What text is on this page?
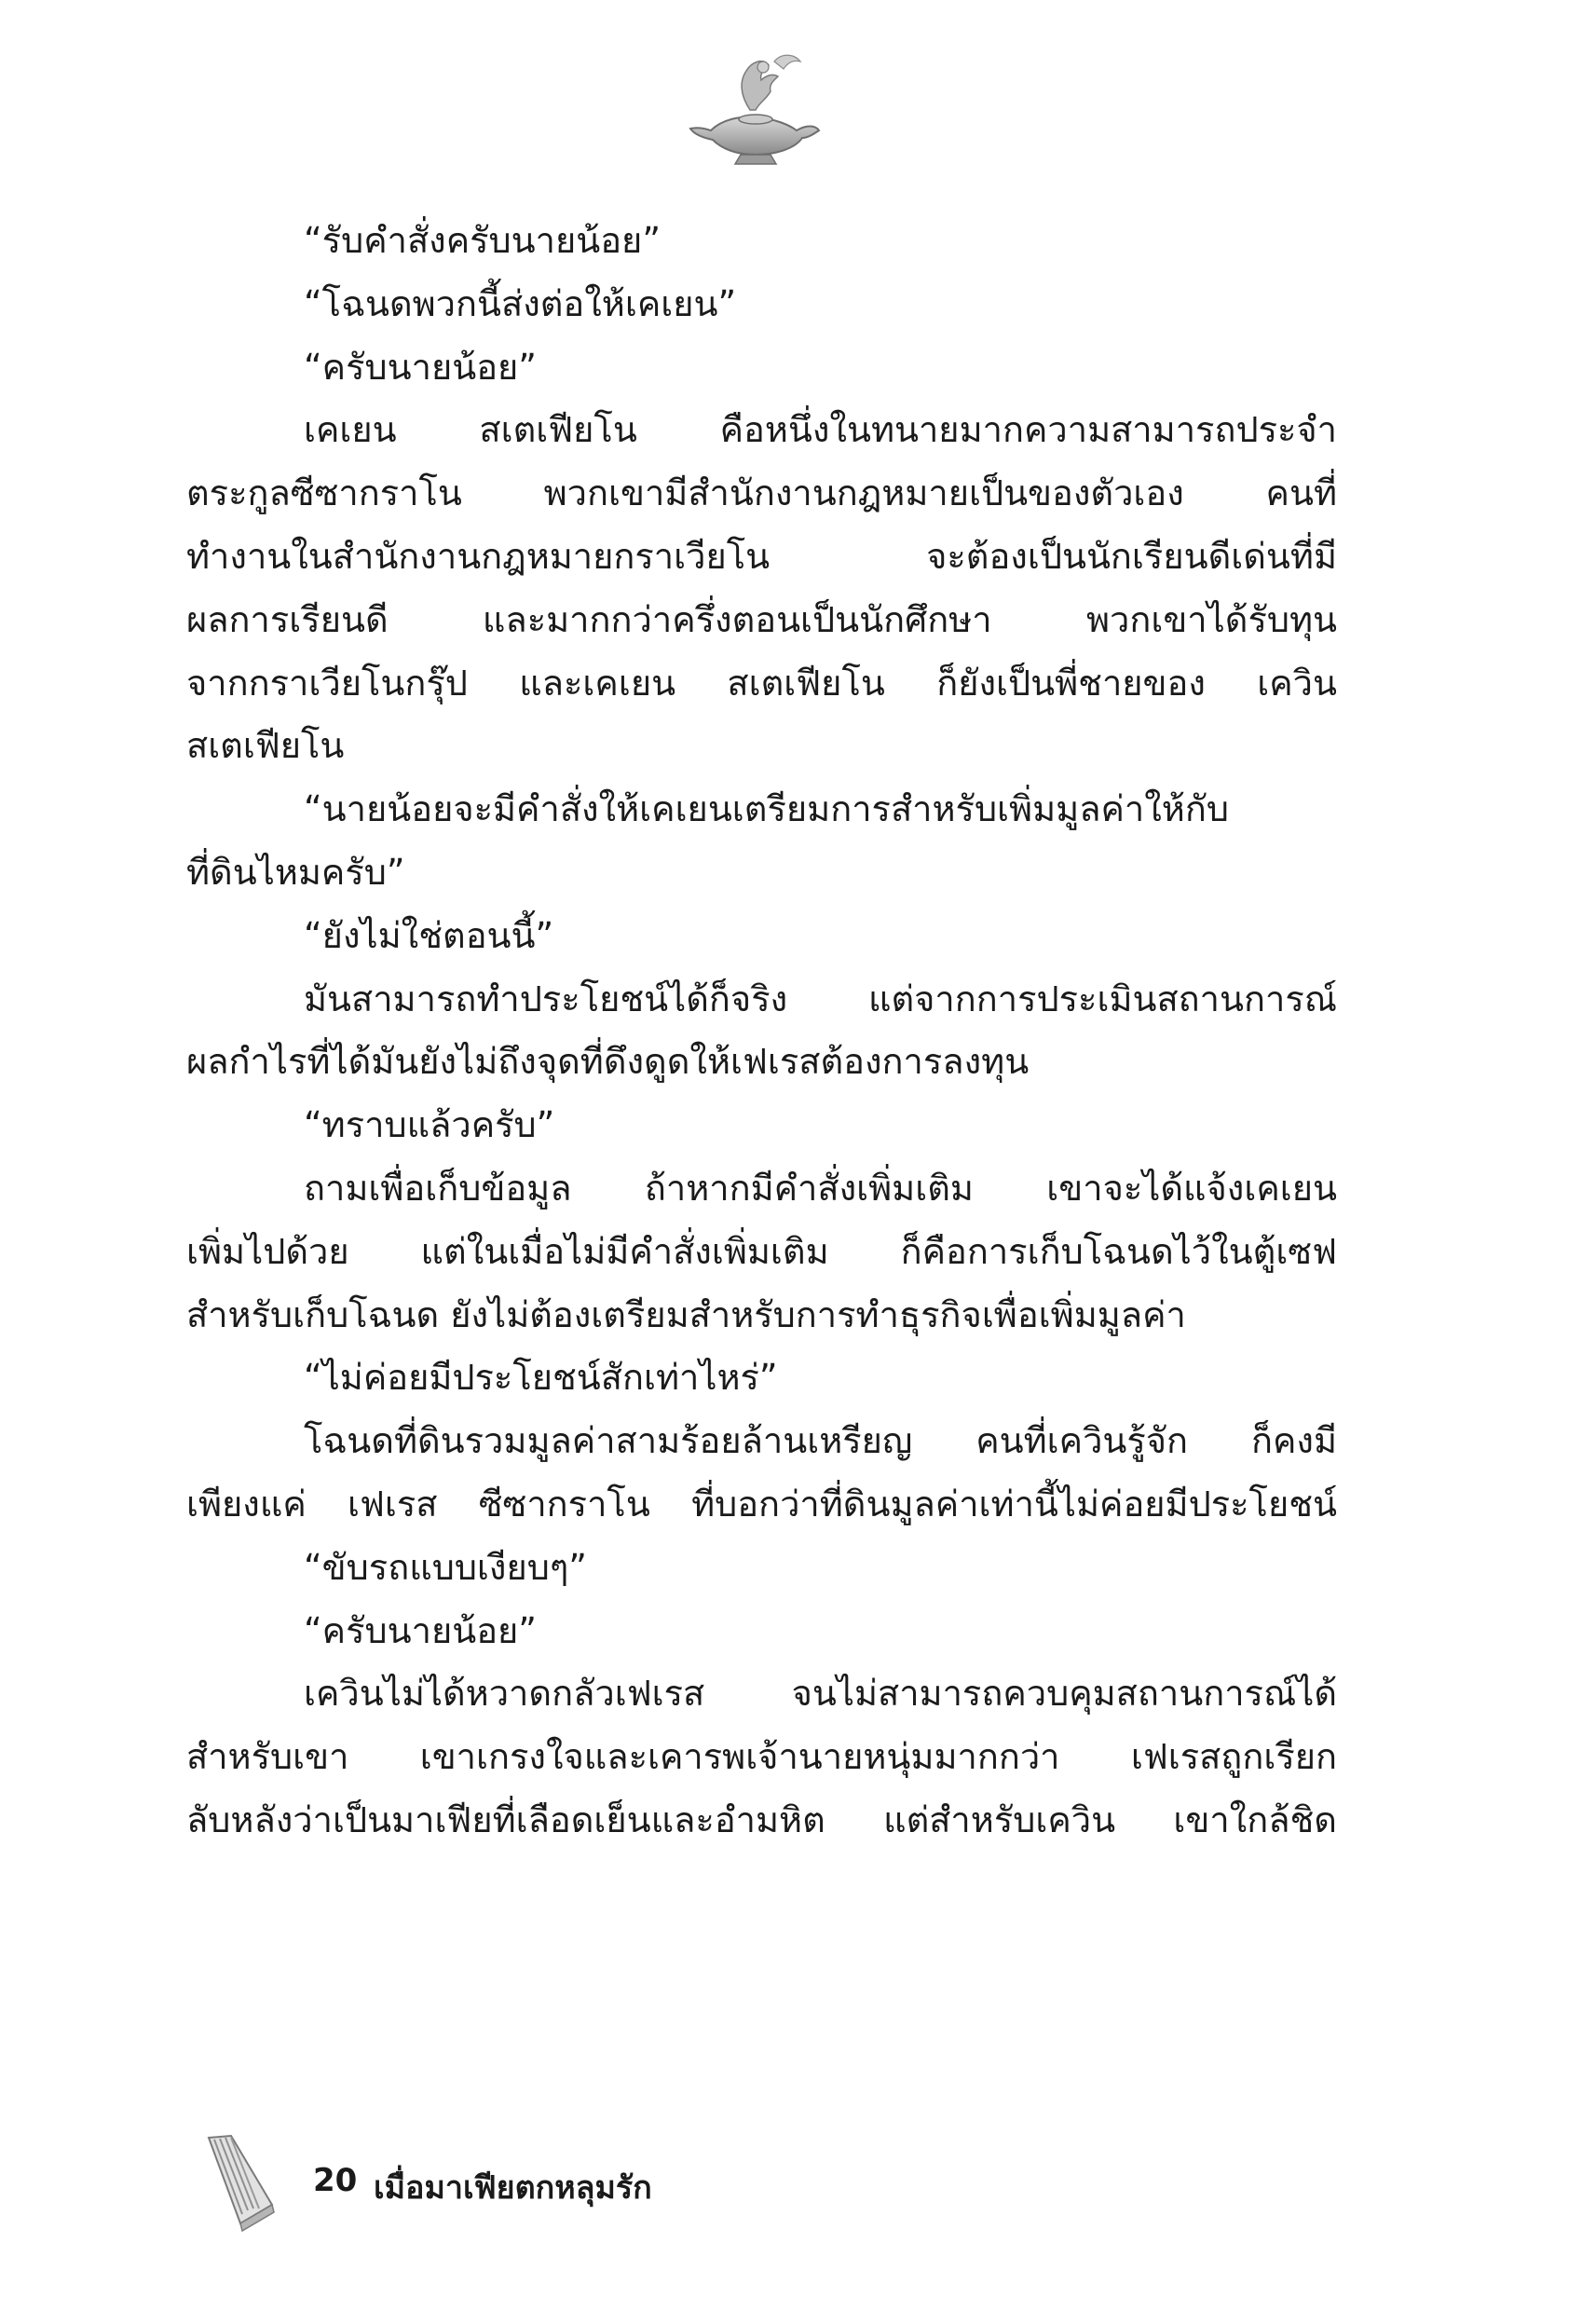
“รับคำสั่งครับนายน้อย”
“โฉนดพวกนี้ส่งต่อให้เคเยน”
“ครับนายน้อย”
เคเยน สเตเฟียโน คือหนึ่งในทนายมากความสามารถประจำ
ตระกูลซีซากราโน พวกเขามีสำนักงานกฎหมายเป็นของตัวเอง คนที่
ทำงานในสำนักงานกฎหมายกราเวียโน จะต้องเป็นนักเรียนดีเด่นที่มี
ผลการเรียนดี และมากกว่าครึ่งตอนเป็นนักศึกษา พวกเขาได้รับทุน
จากกราเวียโนกรุ๊ป และเคเยน สเตเฟียโน ก็ยังเป็นพี่ชายของ เควิน
สเตเฟียโน
“นายน้อยจะมีคำสั่งให้เคเยนเตรียมการสำหรับเพิ่มมูลค่าให้กับ
ที่ดินไหมครับ”
“ยังไม่ใช่ตอนนี้”
มันสามารถทำประโยชน์ได้ก็จริง แต่จากการประเมินสถานการณ์
ผลกำไรที่ได้มันยังไม่ถึงจุดที่ดึงดูดให้เฟเรสต้องการลงทุน
“ทราบแล้วครับ”
ถามเพื่อเก็บข้อมูล ถ้าหากมีคำสั่งเพิ่มเติม เขาจะได้แจ้งเคเยน
เพิ่มไปด้วย แต่ในเมื่อไม่มีคำสั่งเพิ่มเติม ก็คือการเก็บโฉนดไว้ในตู้เซฟ
สำหรับเก็บโฉนด ยังไม่ต้องเตรียมสำหรับการทำธุรกิจเพื่อเพิ่มมูลค่า
“ไม่ค่อยมีประโยชน์สักเท่าไหร่”
โฉนดที่ดินรวมมูลค่าสามร้อยล้านเหรียญ คนที่เควินรู้จัก ก็คงมี
เพียงแค่ เฟเรส ซีซากราโน ที่บอกว่าที่ดินมูลค่าเท่านี้ไม่ค่อยมีประโยชน์
“ขับรถแบบเงียบๆ”
“ครับนายน้อย”
เควินไม่ได้หวาดกลัวเฟเรส จนไม่สามารถควบคุมสถานการณ์ได้
สำหรับเขา เขาเกรงใจและเคารพเจ้านายหนุ่มมากกว่า เฟเรสถูกเรียก
ลับหลังว่าเป็นมาเฟียที่เลือดเย็นและอำมหิต แต่สำหรับเควิน เขาใกล้ชิด
20 เมื่อมาเฟียตกหลุมรัก
